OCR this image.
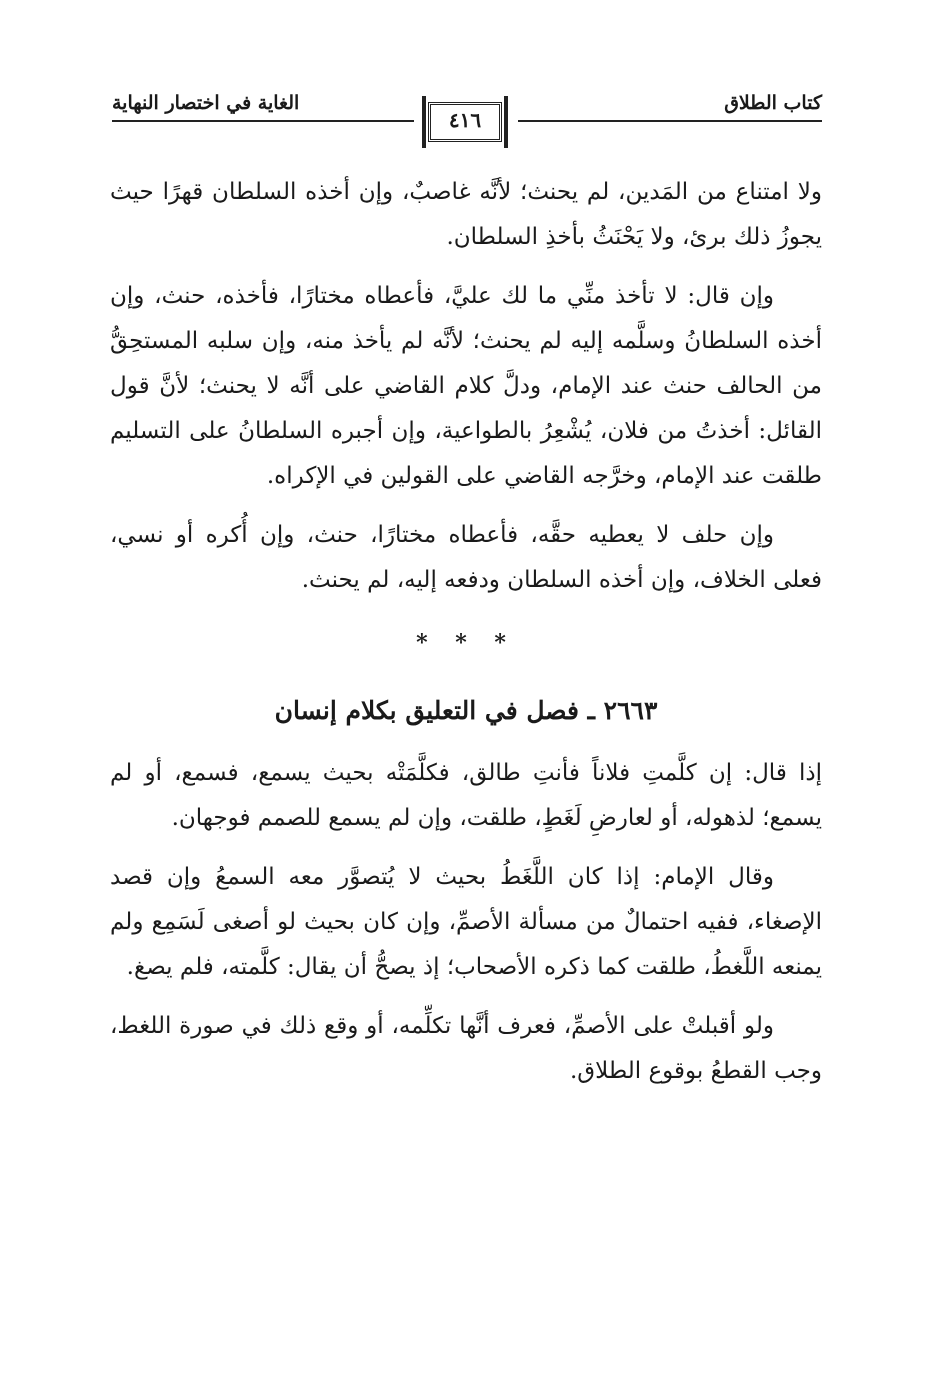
كتاب الطلاق
٤١٦
الغاية في اختصار النهاية

ولا امتناع من المَدين، لم يحنث؛ لأنَّه غاصبٌ، وإن أخذه السلطان قهرًا حيث يجوزُ ذلك برئ، ولا يَحْنَثُ بأخذِ السلطان.

وإن قال: لا تأخذ منِّي ما لك عليَّ، فأعطاه مختارًا، فأخذه، حنث، وإن أخذه السلطانُ وسلَّمه إليه لم يحنث؛ لأنَّه لم يأخذ منه، وإن سلبه المستحِقُّ من الحالف حنث عند الإمام، ودلَّ كلام القاضي على أنَّه لا يحنث؛ لأنَّ قول القائل: أخذتُ من فلان، يُشْعِرُ بالطواعية، وإن أجبره السلطانُ على التسليم طلقت عند الإمام، وخرَّجه القاضي على القولين في الإكراه.

وإن حلف لا يعطيه حقَّه، فأعطاه مختارًا، حنث، وإن أُكره أو نسي، فعلى الخلاف، وإن أخذه السلطان ودفعه إليه، لم يحنث.

* * *
٢٦٦٣ ـ فصل في التعليق بكلام إنسان

إذا قال: إن كلَّمتِ فلاناً فأنتِ طالق، فكلَّمَتْه بحيث يسمع، فسمع، أو لم يسمع؛ لذهوله، أو لعارضِ لَغَطٍ، طلقت، وإن لم يسمع للصمم فوجهان.

وقال الإمام: إذا كان اللَّغَطُ بحيث لا يُتصوَّر معه السمعُ وإن قصد الإصغاء، ففيه احتمالٌ من مسألة الأصمِّ، وإن كان بحيث لو أصغى لَسَمِع ولم يمنعه اللَّغطُ، طلقت كما ذكره الأصحاب؛ إذ يصحُّ أن يقال: كلَّمته، فلم يصغ.

ولو أقبلتْ على الأصمِّ، فعرف أنَّها تكلِّمه، أو وقع ذلك في صورة اللغط، وجب القطعُ بوقوع الطلاق.
